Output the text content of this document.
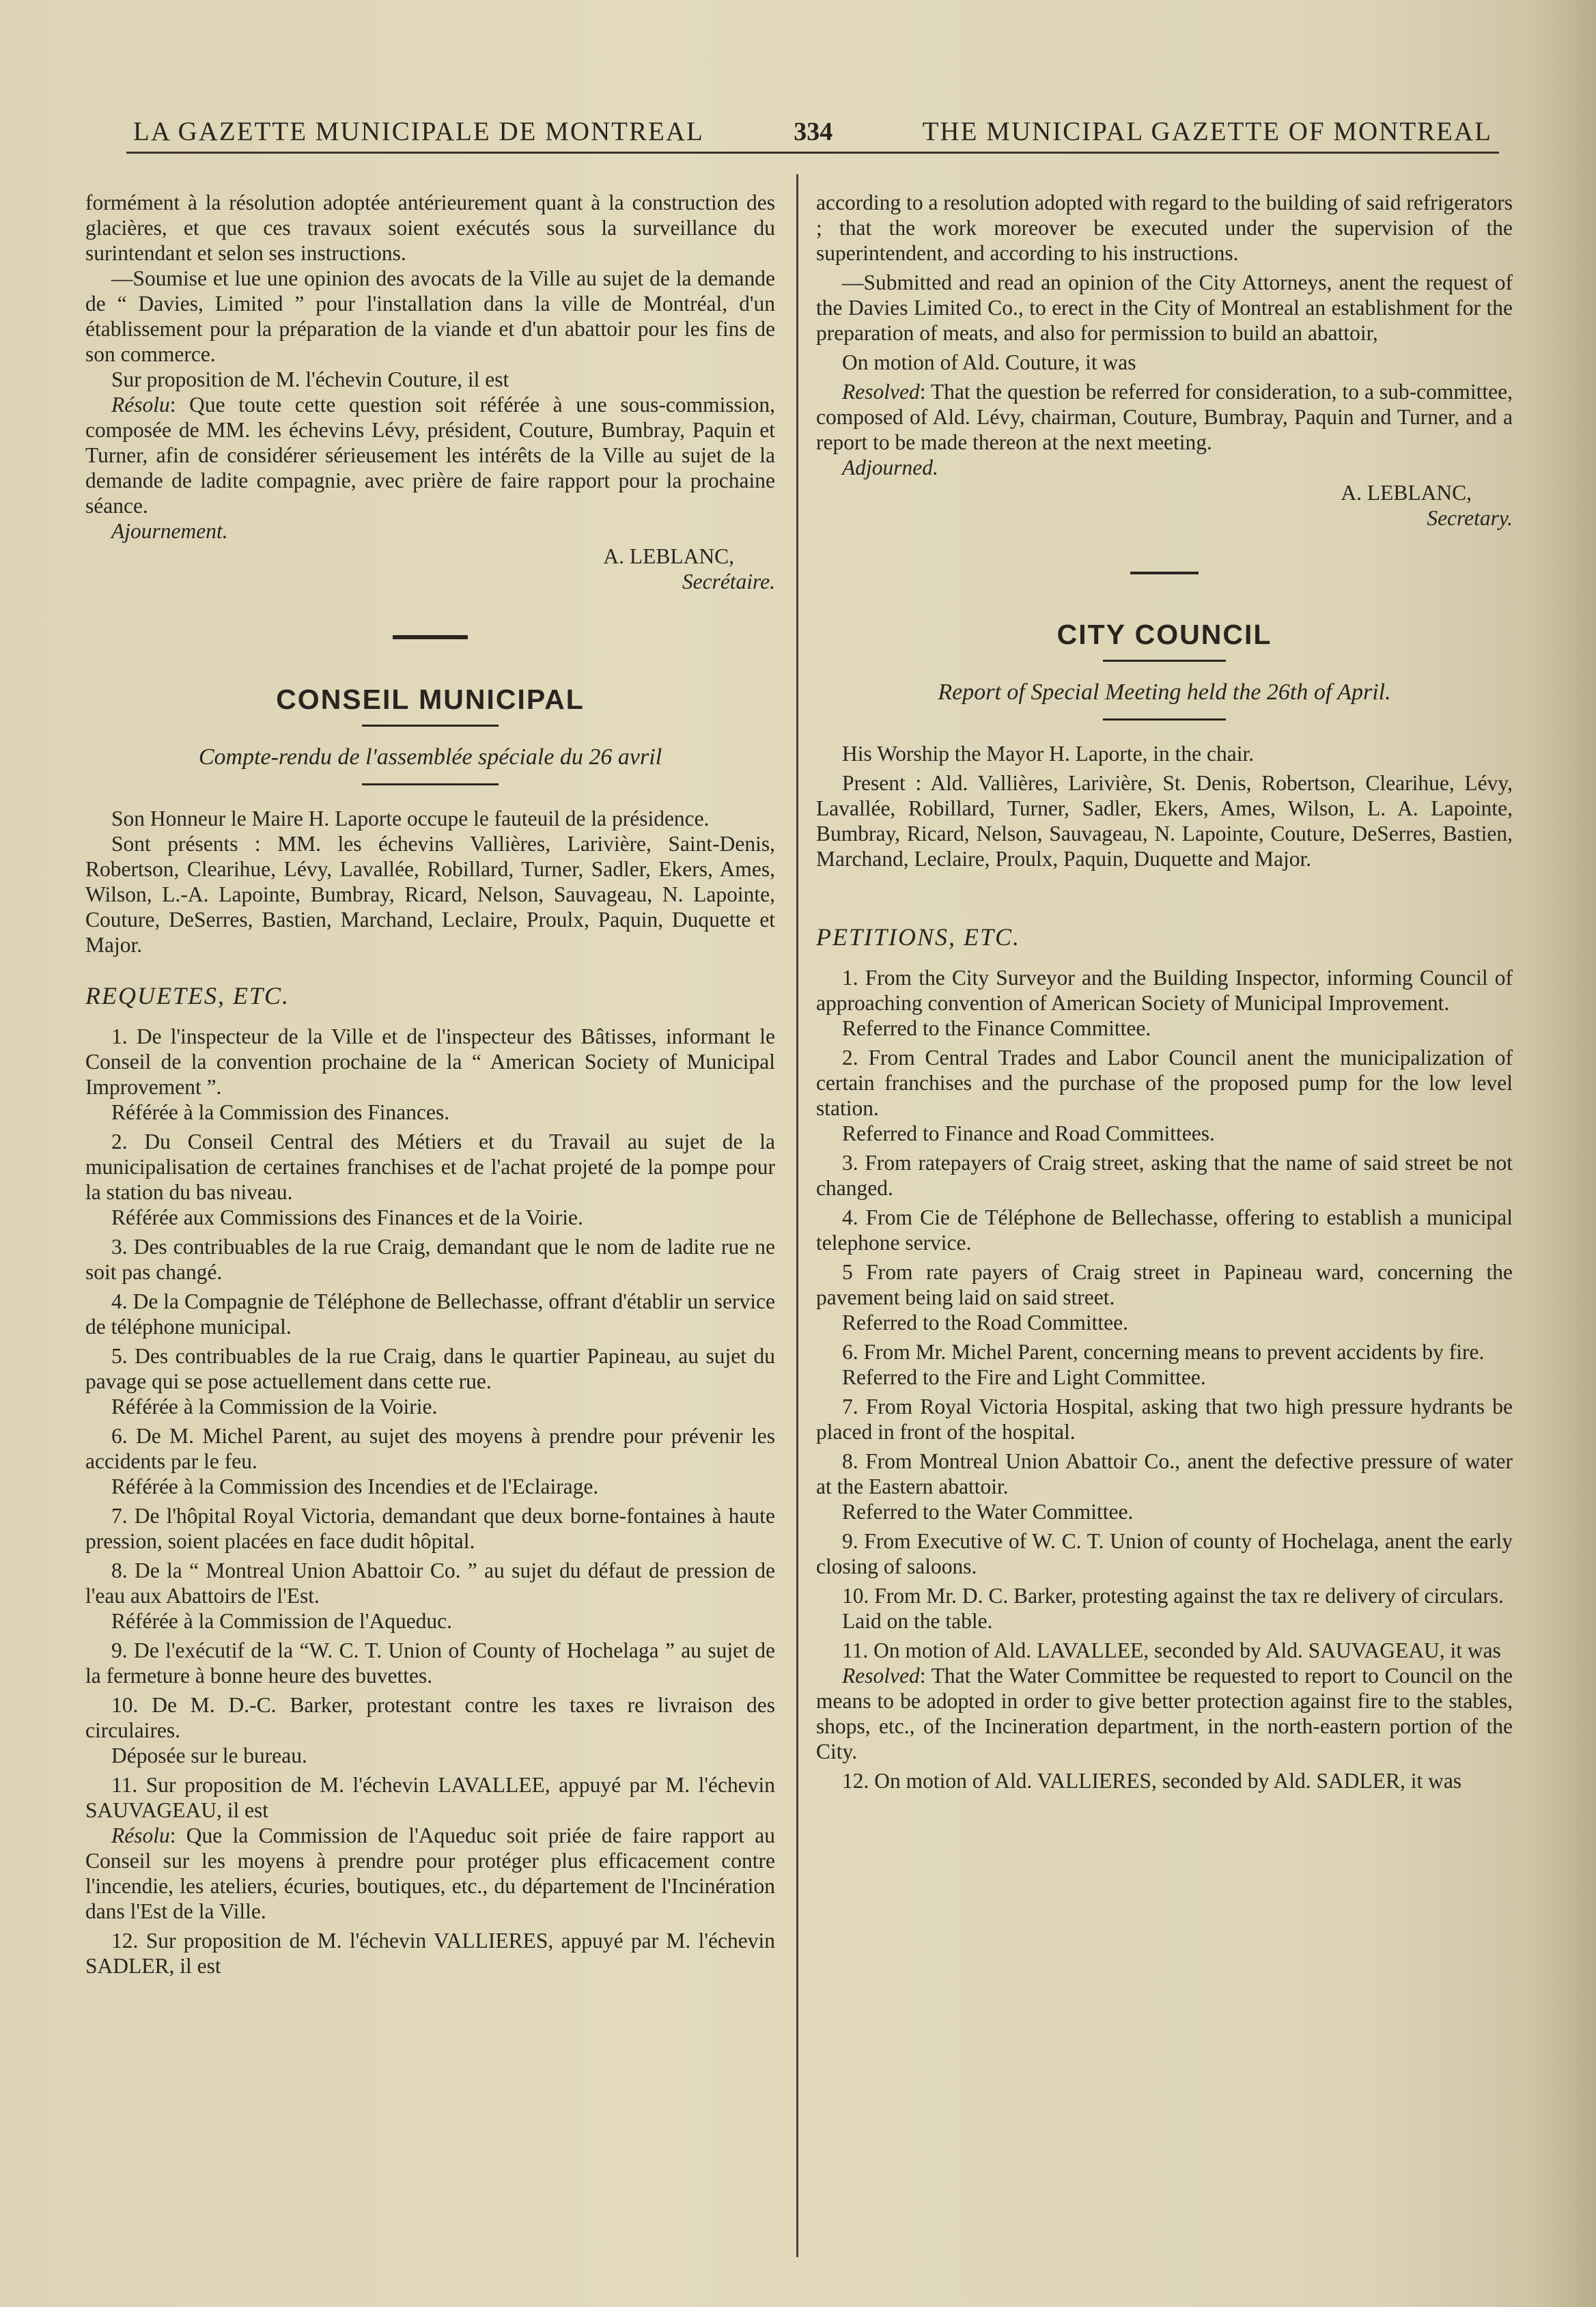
LA GAZETTE MUNICIPALE DE MONTREAL	334	THE MUNICIPAL GAZETTE OF MONTREAL

formément à la résolution adoptée antérieurement quant à la construction des glacières, et que ces travaux soient exécutés sous la surveillance du surintendant et selon ses instructions.

—Soumise et lue une opinion des avocats de la Ville au sujet de la demande de “ Davies, Limited ” pour l'installation dans la ville de Montréal, d'un établissement pour la préparation de la viande et d'un abattoir pour les fins de son commerce.

Sur proposition de M. l'échevin Couture, il est

Résolu: Que toute cette question soit référée à une sous-commission, composée de MM. les échevins Lévy, président, Couture, Bumbray, Paquin et Turner, afin de considérer sérieusement les intérêts de la Ville au sujet de la demande de ladite compagnie, avec prière de faire rapport pour la prochaine séance.

Ajournement.

A. LEBLANC,

Secrétaire.

CONSEIL MUNICIPAL

Compte-rendu de l'assemblée spéciale du 26 avril

Son Honneur le Maire H. Laporte occupe le fauteuil de la présidence.

Sont présents : MM. les échevins Vallières, Larivière, Saint-Denis, Robertson, Clearihue, Lévy, Lavallée, Robillard, Turner, Sadler, Ekers, Ames, Wilson, L.-A. Lapointe, Bumbray, Ricard, Nelson, Sauvageau, N. Lapointe, Couture, DeSerres, Bastien, Marchand, Leclaire, Proulx, Paquin, Duquette et Major.

REQUETES, ETC.

1. De l'inspecteur de la Ville et de l'inspecteur des Bâtisses, informant le Conseil de la convention prochaine de la “ American Society of Municipal Improvement ”.

Référée à la Commission des Finances.

2. Du Conseil Central des Métiers et du Travail au sujet de la municipalisation de certaines franchises et de l'achat projeté de la pompe pour la station du bas niveau.

Référée aux Commissions des Finances et de la Voirie.

3. Des contribuables de la rue Craig, demandant que le nom de ladite rue ne soit pas changé.

4. De la Compagnie de Téléphone de Bellechasse, offrant d'établir un service de téléphone municipal.

5. Des contribuables de la rue Craig, dans le quartier Papineau, au sujet du pavage qui se pose actuellement dans cette rue.

Référée à la Commission de la Voirie.

6. De M. Michel Parent, au sujet des moyens à prendre pour prévenir les accidents par le feu.

Référée à la Commission des Incendies et de l'Eclairage.

7. De l'hôpital Royal Victoria, demandant que deux borne-fontaines à haute pression, soient placées en face dudit hôpital.

8. De la “ Montreal Union Abattoir Co. ” au sujet du défaut de pression de l'eau aux Abattoirs de l'Est.

Référée à la Commission de l'Aqueduc.

9. De l'exécutif de la “W. C. T. Union of County of Hochelaga ” au sujet de la fermeture à bonne heure des buvettes.

10. De M. D.-C. Barker, protestant contre les taxes re livraison des circulaires.

Déposée sur le bureau.

11. Sur proposition de M. l'échevin LAVALLEE, appuyé par M. l'échevin SAUVAGEAU, il est

Résolu: Que la Commission de l'Aqueduc soit priée de faire rapport au Conseil sur les moyens à prendre pour protéger plus efficacement contre l'incendie, les ateliers, écuries, boutiques, etc., du département de l'Incinération dans l'Est de la Ville.

12. Sur proposition de M. l'échevin VALLIERES, appuyé par M. l'échevin SADLER, il est

according to a resolution adopted with regard to the building of said refrigerators ; that the work moreover be executed under the supervision of the superintendent, and according to his instructions.

—Submitted and read an opinion of the City Attorneys, anent the request of the Davies Limited Co., to erect in the City of Montreal an establishment for the preparation of meats, and also for permission to build an abattoir,

On motion of Ald. Couture, it was

Resolved: That the question be referred for consideration, to a sub-committee, composed of Ald. Lévy, chairman, Couture, Bumbray, Paquin and Turner, and a report to be made thereon at the next meeting.

Adjourned.

A. LEBLANC,

Secretary.

CITY COUNCIL

Report of Special Meeting held the 26th of April.

His Worship the Mayor H. Laporte, in the chair.

Present : Ald. Vallières, Larivière, St. Denis, Robertson, Clearihue, Lévy, Lavallée, Robillard, Turner, Sadler, Ekers, Ames, Wilson, L. A. Lapointe, Bumbray, Ricard, Nelson, Sauvageau, N. Lapointe, Couture, DeSerres, Bastien, Marchand, Leclaire, Proulx, Paquin, Duquette and Major.

PETITIONS, ETC.

1. From the City Surveyor and the Building Inspector, informing Council of approaching convention of American Society of Municipal Improvement.

Referred to the Finance Committee.

2. From Central Trades and Labor Council anent the municipalization of certain franchises and the purchase of the proposed pump for the low level station.

Referred to Finance and Road Committees.

3. From ratepayers of Craig street, asking that the name of said street be not changed.

4. From Cie de Téléphone de Bellechasse, offering to establish a municipal telephone service.

5 From rate payers of Craig street in Papineau ward, concerning the pavement being laid on said street.

Referred to the Road Committee.

6. From Mr. Michel Parent, concerning means to prevent accidents by fire.

Referred to the Fire and Light Committee.

7. From Royal Victoria Hospital, asking that two high pressure hydrants be placed in front of the hospital.

8. From Montreal Union Abattoir Co., anent the defective pressure of water at the Eastern abattoir.

Referred to the Water Committee.

9. From Executive of W. C. T. Union of county of Hochelaga, anent the early closing of saloons.

10. From Mr. D. C. Barker, protesting against the tax re delivery of circulars.

Laid on the table.

11. On motion of Ald. LAVALLEE, seconded by Ald. SAUVAGEAU, it was

Resolved: That the Water Committee be requested to report to Council on the means to be adopted in order to give better protection against fire to the stables, shops, etc., of the Incineration department, in the north-eastern portion of the City.

12. On motion of Ald. VALLIERES, seconded by Ald. SADLER, it was
